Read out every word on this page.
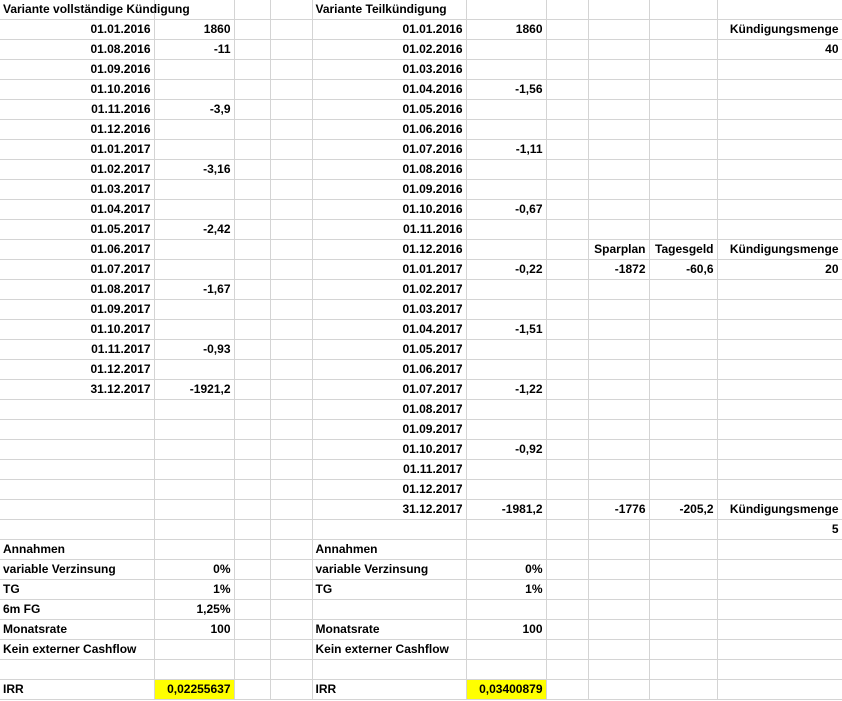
Variante vollständige Kündigung				Variante Teilkündigung						
01.01.2016	1860			01.01.2016	1860				Kündigungsmenge	
01.08.2016	-11			01.02.2016					40	
01.09.2016				01.03.2016						
01.10.2016				01.04.2016	-1,56					
01.11.2016	-3,9			01.05.2016						
01.12.2016				01.06.2016						
01.01.2017				01.07.2016	-1,11					
01.02.2017	-3,16			01.08.2016						
01.03.2017				01.09.2016						
01.04.2017				01.10.2016	-0,67					
01.05.2017	-2,42			01.11.2016						
01.06.2017				01.12.2016			Sparplan	Tagesgeld	Kündigungsmenge	
01.07.2017				01.01.2017	-0,22		-1872	-60,6	20	
01.08.2017	-1,67			01.02.2017						
01.09.2017				01.03.2017						
01.10.2017				01.04.2017	-1,51					
01.11.2017	-0,93			01.05.2017						
01.12.2017				01.06.2017						
31.12.2017	-1921,2			01.07.2017	-1,22					
				01.08.2017						
				01.09.2017						
				01.10.2017	-0,92					
				01.11.2017						
				01.12.2017						
				31.12.2017	-1981,2		-1776	-205,2	Kündigungsmenge	
									5	
Annahmen				Annahmen						
variable Verzinsung	0%			variable Verzinsung	0%					
TG	1%			TG	1%					
6m FG	1,25%									
Monatsrate	100			Monatsrate	100					
Kein externer Cashflow				Kein externer Cashflow						

IRR	0,02255637			IRR	0,03400879					
